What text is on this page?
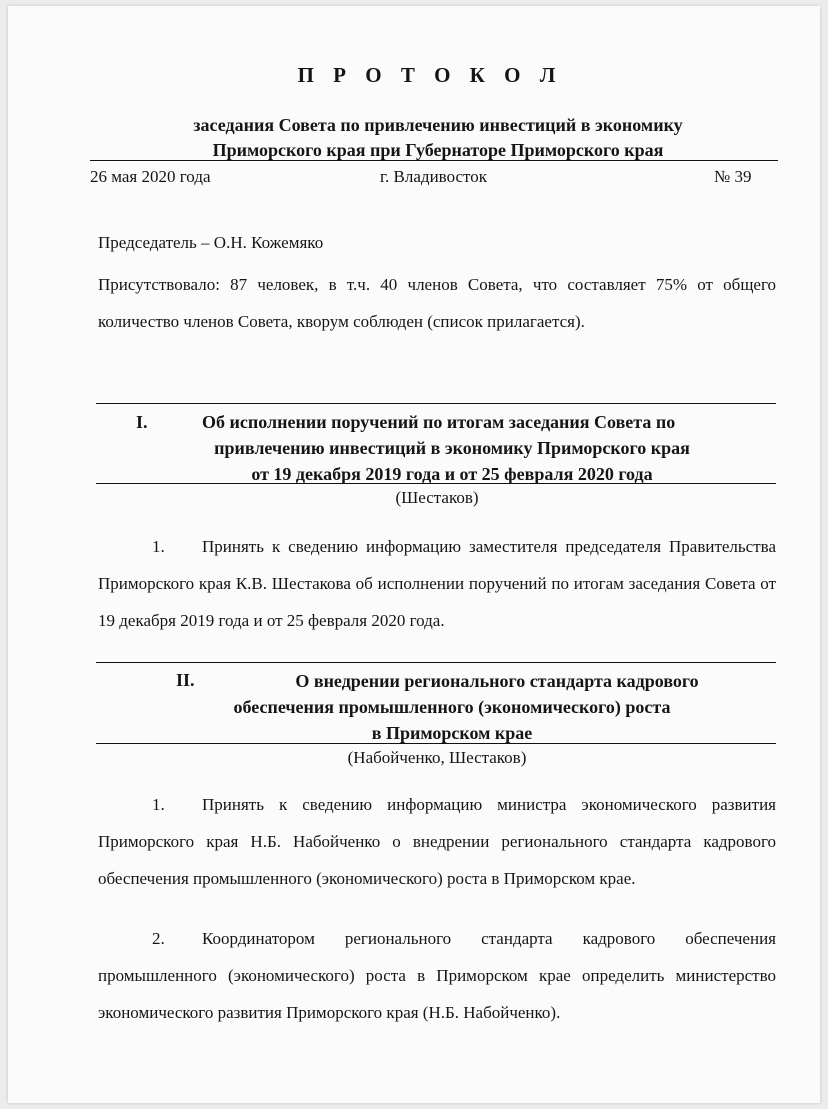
П Р О Т О К О Л
заседания Совета по привлечению инвестиций в экономику
Приморского края при Губернаторе Приморского края

26 мая 2020 года	г. Владивосток	№ 39

Председатель – О.Н. Кожемяко

Присутствовало: 87 человек, в т.ч. 40 членов Совета, что составляет 75% от общего количество членов Совета, кворум соблюден (список прилагается).

I.	Об исполнении поручений по итогам заседания Совета по
привлечению инвестиций в экономику Приморского края
от 19 декабря 2019 года и от 25 февраля 2020 года

(Шестаков)

1. Принять к сведению информацию заместителя председателя Правительства Приморского края К.В. Шестакова об исполнении поручений по итогам заседания Совета от 19 декабря 2019 года и от 25 февраля 2020 года.

II.	О внедрении регионального стандарта кадрового
обеспечения промышленного (экономического) роста
в Приморском крае

(Набойченко, Шестаков)

1. Принять к сведению информацию министра экономического развития Приморского края Н.Б. Набойченко о внедрении регионального стандарта кадрового обеспечения промышленного (экономического) роста в Приморском крае.

2. Координатором регионального стандарта кадрового обеспечения промышленного (экономического) роста в Приморском крае определить министерство экономического развития Приморского края (Н.Б. Набойченко).
